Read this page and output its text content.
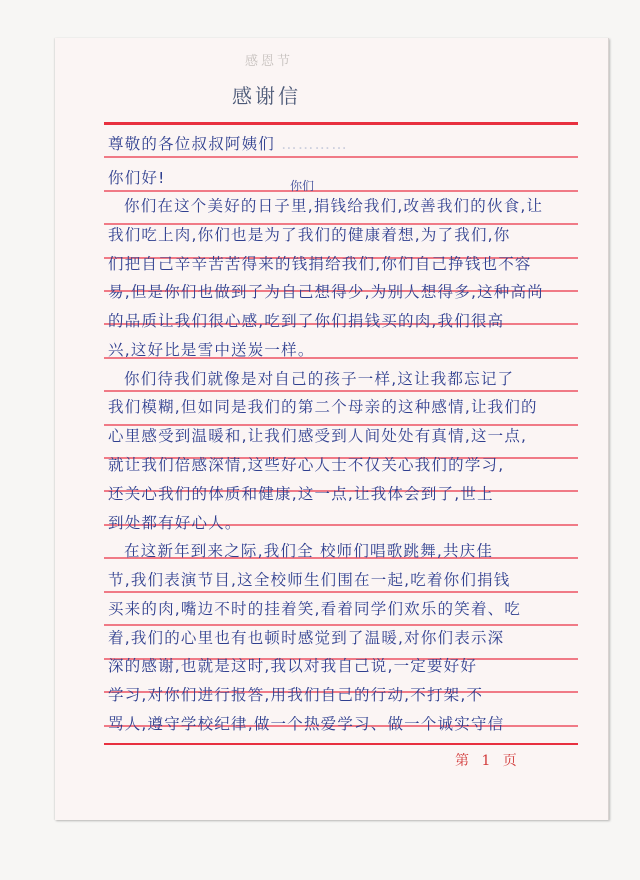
感恩节
感谢信
尊敬的各位叔叔阿姨们 …………
你们好!	你们
第 1 页
你们在这个美好的日子里,捐钱给我们,改善我们的伙食,让
我们吃上肉,你们也是为了我们的健康着想,为了我们,你
们把自己辛辛苦苦得来的钱捐给我们,你们自己挣钱也不容
易,但是你们也做到了为自己想得少,为别人想得多,这种高尚
的品质让我们很心感,吃到了你们捐钱买的肉,我们很高
兴,这好比是雪中送炭一样。
你们待我们就像是对自己的孩子一样,这让我都忘记了
我们模糊,但如同是我们的第二个母亲的这种感情,让我们的
心里感受到温暖和,让我们感受到人间处处有真情,这一点,
就让我们倍感深情,这些好心人士不仅关心我们的学习,
还关心我们的体质和健康,这一点,让我体会到了,世上
到处都有好心人。
在这新年到来之际,我们全 校师们唱歌跳舞,共庆佳
节,我们表演节目,这全校师生们围在一起,吃着你们捐钱
买来的肉,嘴边不时的挂着笑,看着同学们欢乐的笑着、吃
着,我们的心里也有也顿时感觉到了温暖,对你们表示深
深的感谢,也就是这时,我以对我自己说,一定要好好
学习,对你们进行报答,用我们自己的行动,不打架,不
骂人,遵守学校纪律,做一个热爱学习、做一个诚实守信
